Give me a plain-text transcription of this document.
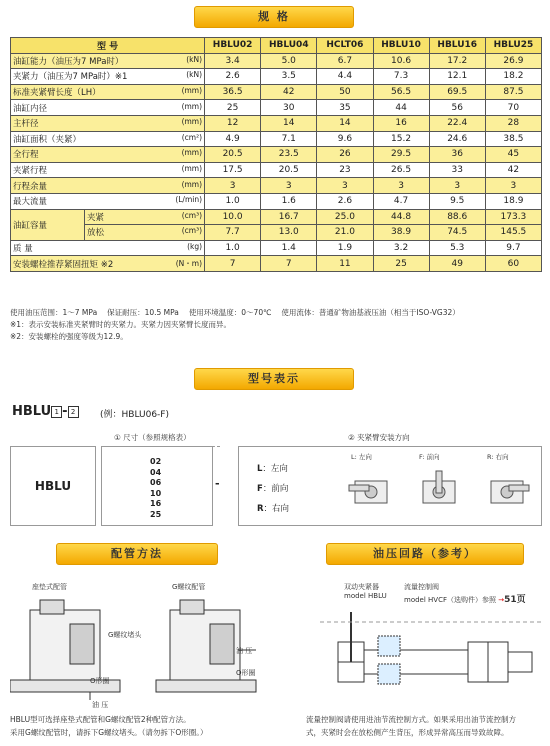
规 格
型 号		HBLU02	HBLU04	HCLT06	HBLU10	HBLU16	HBLU25
油缸能力（油压为7 MPa时） (kN)		3.4	5.0	6.7	10.6	17.2	26.9
夹紧力（油压为7 MPa时）※1 (kN)		2.6	3.5	4.4	7.3	12.1	18.2
标准夹紧臂长度（LH） (mm)		36.5	42	50	56.5	69.5	87.5
油缸内径 (mm)		25	30	35	44	56	70
主杆径 (mm)		12	14	14	16	22.4	28
油缸面积（夹紧） (cm²)		4.9	7.1	9.6	15.2	24.6	38.5
全行程 (mm)		20.5	23.5	26	29.5	36	45
夹紧行程 (mm)		17.5	20.5	23	26.5	33	42
行程余量 (mm)		3	3	3	3	3	3
最大流量 (L/min)		1.0	1.6	2.6	4.7	9.5	18.9
油缸容量	夹紧 (cm³)	10.0	16.7	25.0	44.8	88.6	173.3
	放松 (cm³)	7.7	13.0	21.0	38.9	74.5	145.5
质 量 (kg)		1.0	1.4	1.9	3.2	5.3	9.7
安装螺栓推荐紧固扭矩 ※2 (N・m)		7	7	11	25	49	60
使用油压范围：1～7 MPa　 保证耐压：10.5 MPa　 使用环境温度：0～70℃　 使用流体：普通矿物油基液压油（相当于ISO-VG32）
※1：表示安装标准夹紧臂时的夹紧力。夹紧力因夹紧臂长度而异。
※2：安装螺栓的强度等级为12.9。
型号表示
HBLU 1 - 2	(例：HBLU06-F)
① 尺寸（参照规格表）	② 夹紧臂安装方向
HBLU
02
04
06
10
16
25
-
L：左向
F：前向
R：右向
L: 左向	F: 前向	R: 右向
配管方法
座垫式配管	G螺纹配管
G螺纹堵头
O形圈
O形圈
油 压
油 压
HBLU型可选择座垫式配管和G螺纹配管2种配管方法。
采用G螺纹配管时，请拆下G螺纹堵头。（请勿拆下O形圈。）
油压回路（参考）
双动夹紧器
model HBLU
流量控制阀
model HVCF（选购件）参照 →51页
流量控制阀请使用进油节流控制方式。如果采用出油节流控制方
式，夹紧时会在放松侧产生背压，形成异常高压而导致故障。
